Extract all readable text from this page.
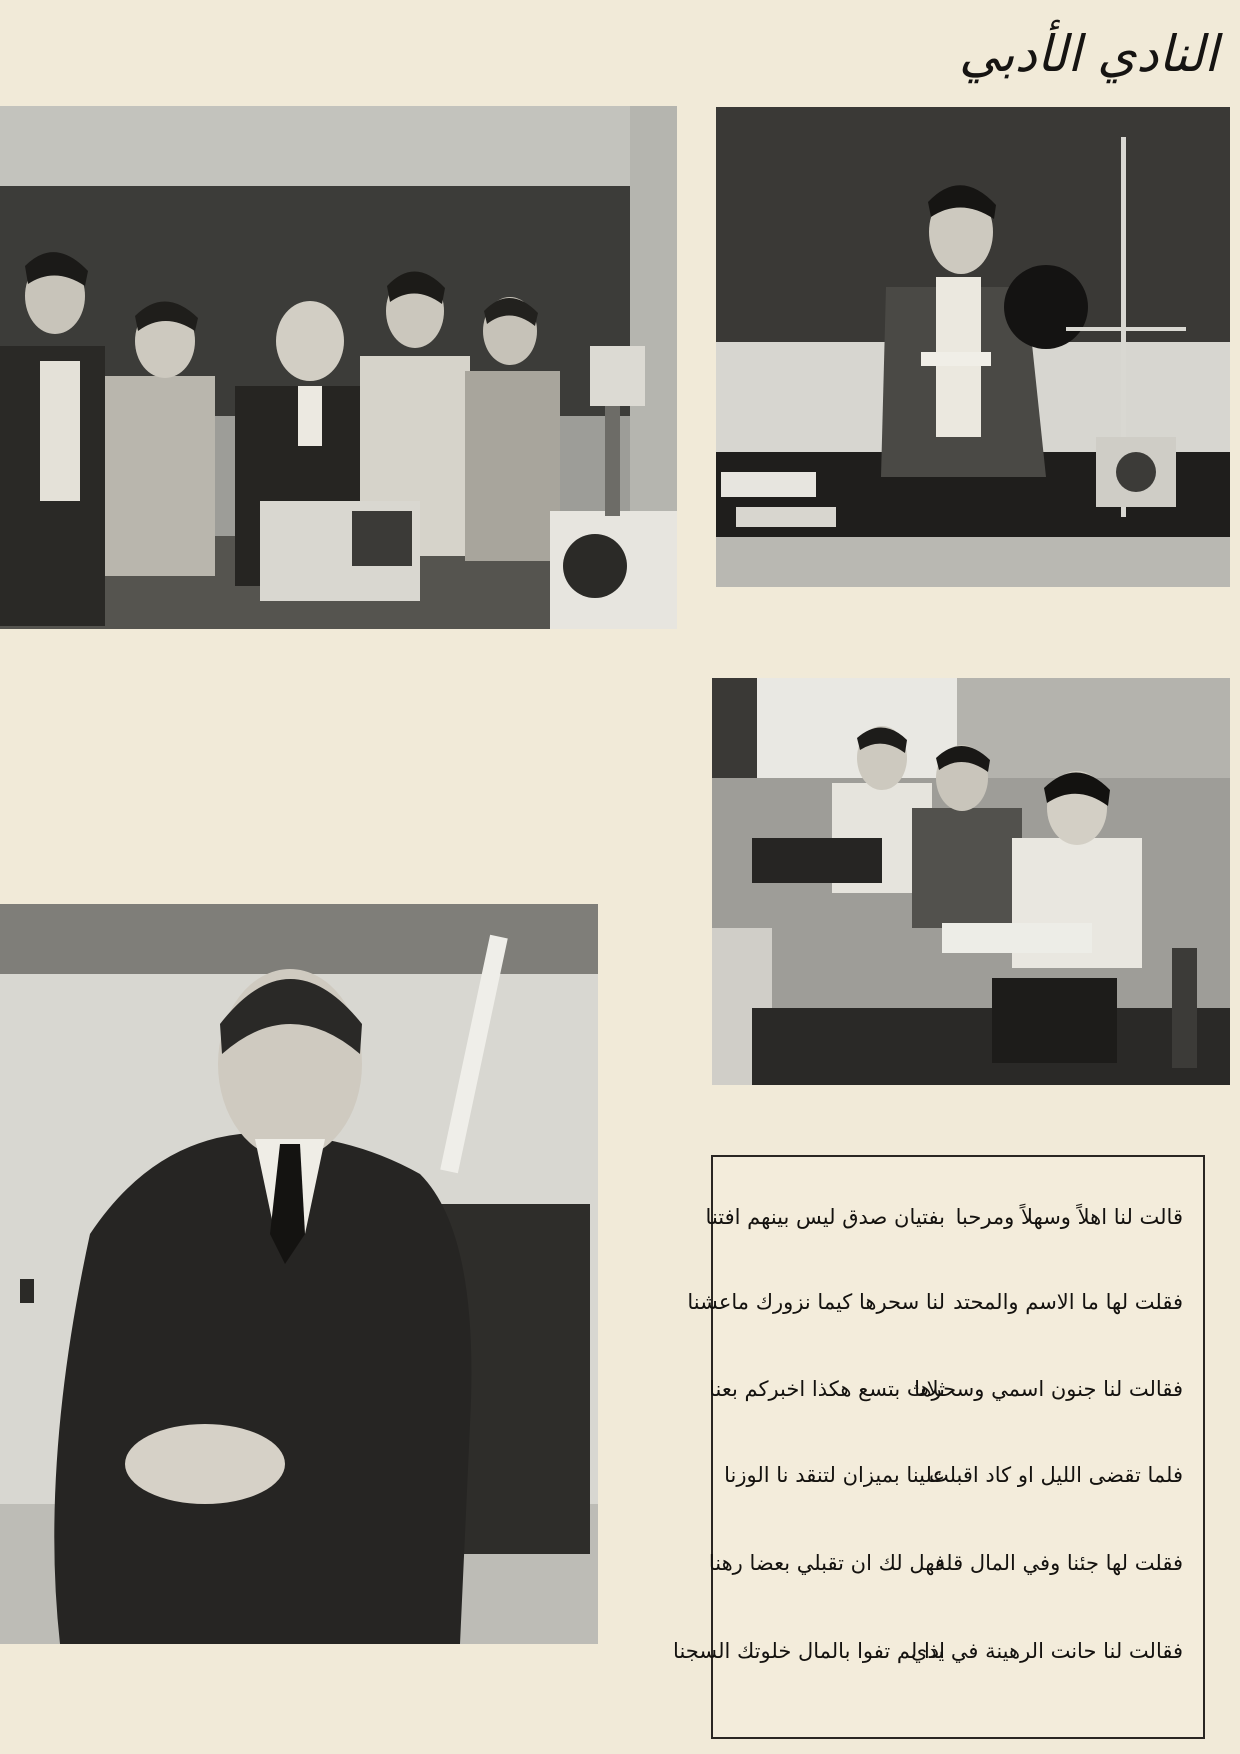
النادي الأدبي
قالت لنا اهلاً وسهلاً ومرحبا
بفتيان صدق ليس بينهم افتنا
فقلت لها ما الاسم والمحتد
لنا سحرها كيما نزورك ماعشنا
فقالت لنا جنون اسمي وسحرها
ثلاث بتسع هكذا اخبركم بعنا
فلما تقضى الليل او كاد اقبلت
علينا بميزان لتنقد نا الوزنا
فقلت لها جئنا وفي المال قلة
فهل لك ان تقبلي بعضا رهنا
فقالت لنا حانت الرهينة في يدي
اذا لم تفوا بالمال خلوتك السجنا
